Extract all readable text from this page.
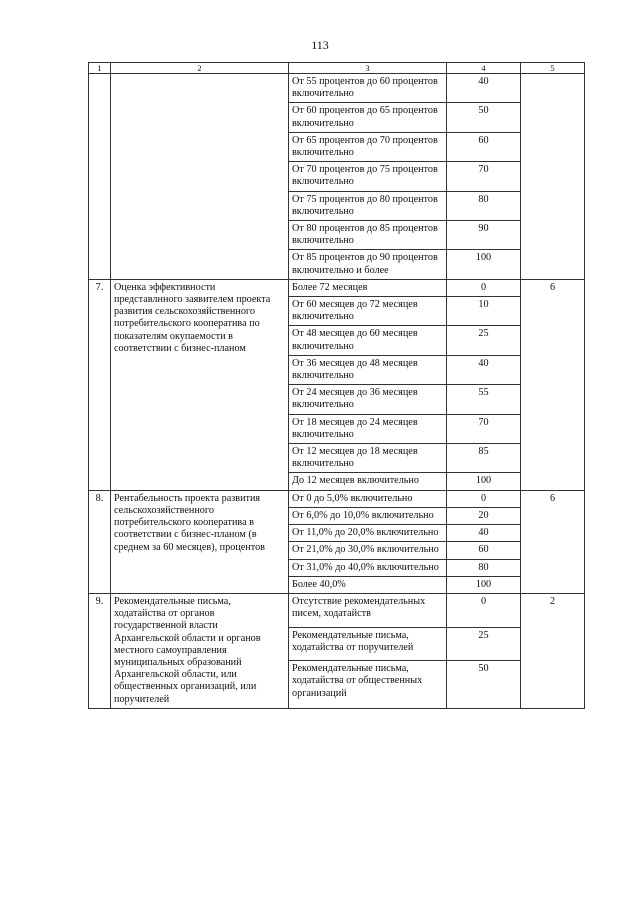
113
1	2	3	4	5
		От 55 процентов до 60 процентов включительно	40	
		От 60 процентов до 65 процентов включительно	50	
		От 65 процентов до 70 процентов включительно	60	
		От 70 процентов до 75 процентов включительно	70	
		От 75 процентов до 80 процентов включительно	80	
		От 80 процентов до 85 процентов включительно	90	
		От 85 процентов до 90 процентов включительно и более	100	
7.	Оценка эффективности представлнного заявителем проекта развития сельскохозяйственного потребительского кооператива по показателям окупаемости в соответствии с бизнес-планом	Более 72 месяцев	0	6
		От 60 месяцев до 72 месяцев включительно	10	
		От 48 месяцев до 60 месяцев включительно	25	
		От 36 месяцев до 48 месяцев включительно	40	
		От 24 месяцев до 36 месяцев включительно	55	
		От 18 месяцев до 24 месяцев включительно	70	
		От 12 месяцев до 18 месяцев включительно	85	
		До 12 месяцев включительно	100	
8.	Рентабельность проекта развития сельскохозяйственного потребительского кооператива в соответствии с бизнес-планом (в среднем за 60 месяцев), процентов	От 0 до 5,0% включительно	0	6
		От 6,0% до 10,0% включительно	20	
		От 11,0% до 20,0% включительно	40	
		От 21,0% до 30,0% включительно	60	
		От 31,0% до 40,0% включительно	80	
		Более 40,0%	100	
9.	Рекомендательные письма, ходатайства от органов государственной власти Архангельской области и органов местного самоуправления муниципальных образований Архангельской области, или общественных организаций, или поручителей	Отсутствие рекомендательных писем, ходатайств	0	2
		Рекомендательные письма, ходатайства от поручителей	25	
		Рекомендательные письма, ходатайства от общественных организаций	50	
